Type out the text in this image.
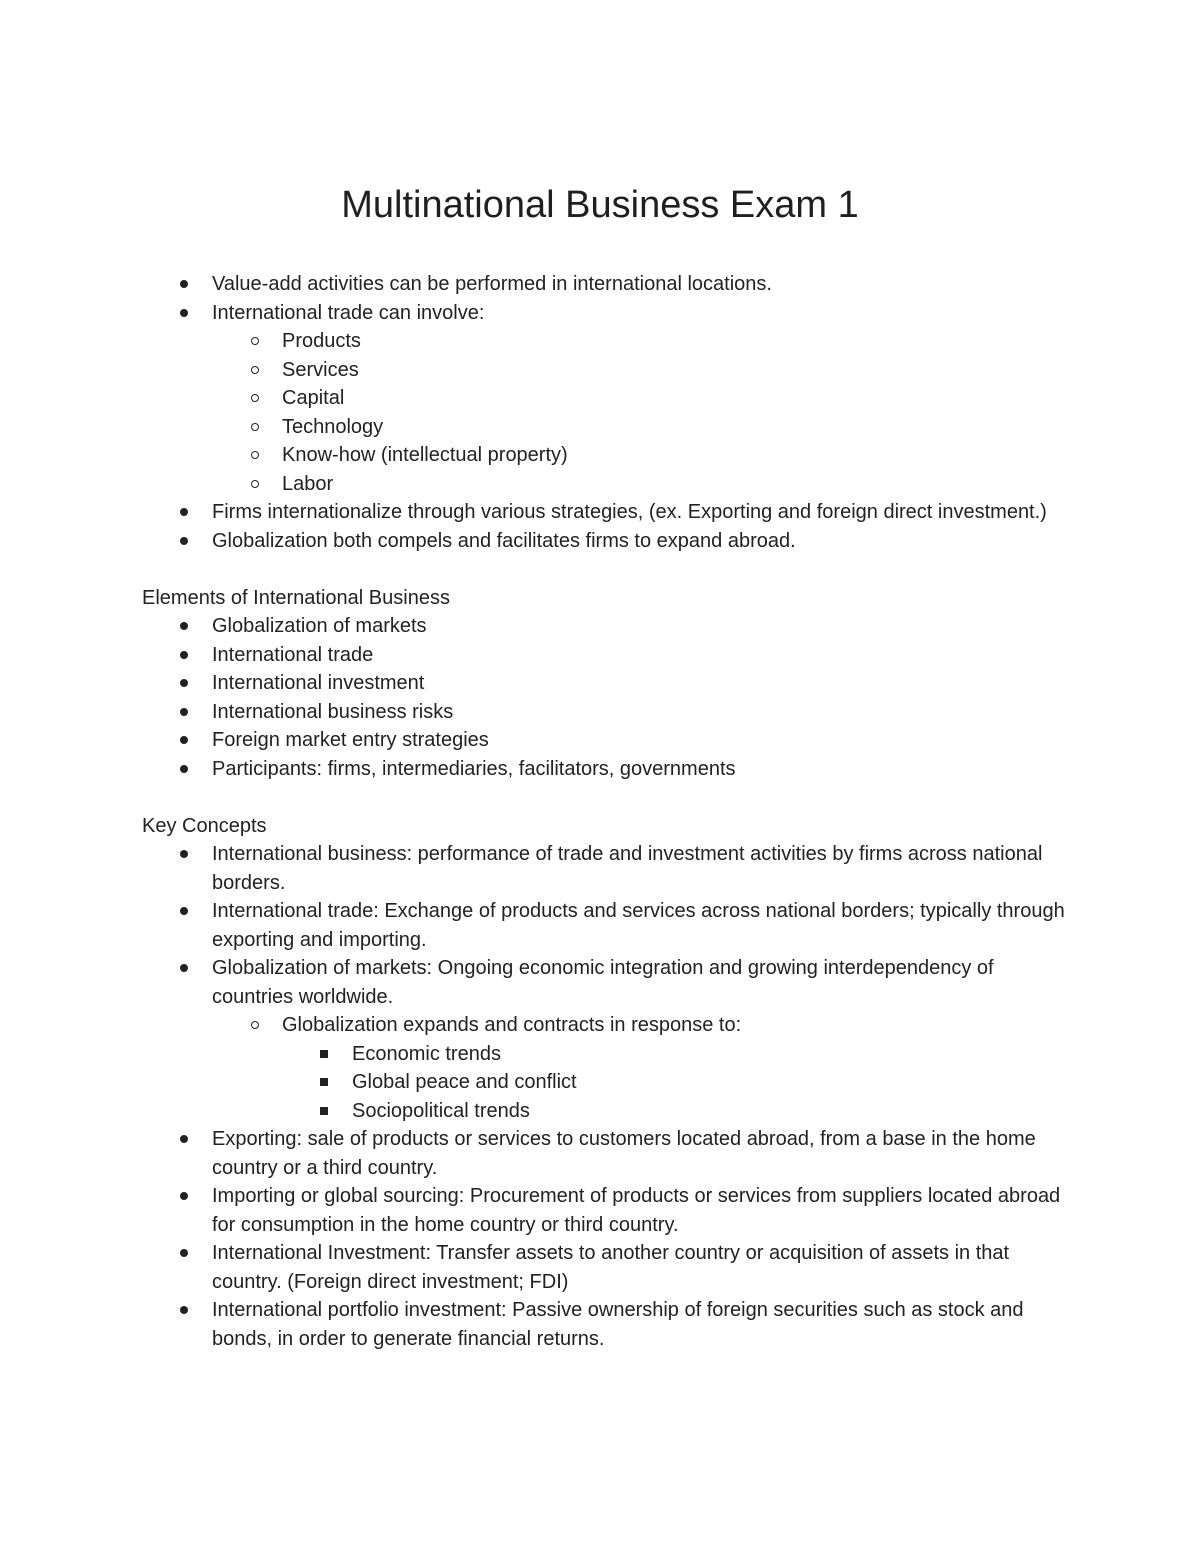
Multinational Business Exam 1
Value-add activities can be performed in international locations.
International trade can involve:
Products
Services
Capital
Technology
Know-how (intellectual property)
Labor
Firms internationalize through various strategies, (ex. Exporting and foreign direct investment.)
Globalization both compels and facilitates firms to expand abroad.

Elements of International Business

Globalization of markets
International trade
International investment
International business risks
Foreign market entry strategies
Participants: firms, intermediaries, facilitators, governments

Key Concepts

International business: performance of trade and investment activities by firms across national borders.
International trade: Exchange of products and services across national borders; typically through exporting and importing.
Globalization of markets: Ongoing economic integration and growing interdependency of countries worldwide.
Globalization expands and contracts in response to:
Economic trends
Global peace and conflict
Sociopolitical trends
Exporting: sale of products or services to customers located abroad, from a base in the home country or a third country.
Importing or global sourcing: Procurement of products or services from suppliers located abroad for consumption in the home country or third country.
International Investment: Transfer assets to another country or acquisition of assets in that country. (Foreign direct investment; FDI)
International portfolio investment: Passive ownership of foreign securities such as stock and bonds, in order to generate financial returns.
